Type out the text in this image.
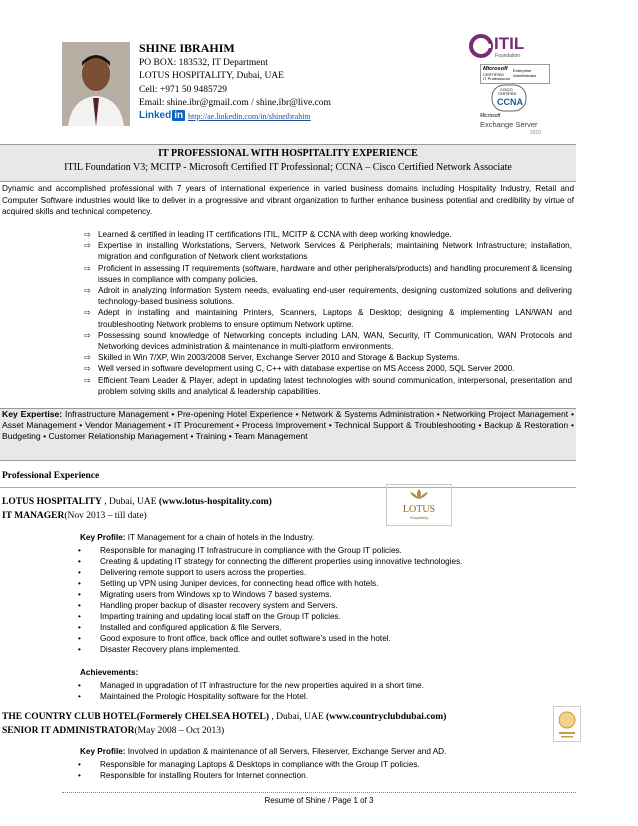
SHINE IBRAHIM
PO BOX: 183532, IT Department
LOTUS HOSPITALITY, Dubai, UAE
Cell: +971 50 9485729
Email: shine.ibr@gmail.com / shine.ibr@live.com
Linked in http://ae.linkedin.com/in/shineibrahim
ITIL
Foundation
Microsoft
CERTIFIED
IT Professional
Enterprise Administrator
CISCO
CERTIFIED
CCNA
Microsoft
Exchange Server
2010
IT PROFESSIONAL WITH HOSPITALITY EXPERIENCE
ITIL Foundation V3; MCITP - Microsoft Certified IT Professional; CCNA – Cisco Certified Network Associate
Dynamic and accomplished professional with 7 years of international experience in varied business domains including Hospitality Industry, Retail and Computer Software industries would like to deliver in a progressive and vibrant organization to further enhance business potential and credibility by virtue of acquired skills and technical competency.
⇨ Learned & certified in leading IT certifications ITIL, MCITP & CCNA with deep working knowledge.
⇨ Expertise in installing Workstations, Servers, Network Services & Peripherals; maintaining Network Infrastructure; installation, migration and configuration of Network client workstations
⇨ Proficient in assessing IT requirements (software, hardware and other peripherals/products) and handling procurement & licensing issues in compliance with company policies.
⇨ Adroit in analyzing Information System needs, evaluating end-user requirements, designing customized solutions and delivering technology-based business solutions.
⇨ Adept in installing and maintaining Printers, Scanners, Laptops & Desktop; designing & implementing LAN/WAN and troubleshooting Network problems to ensure optimum Network uptime.
⇨ Possessing sound knowledge of Networking concepts including LAN, WAN, Security, IT Communication, WAN Protocols and Networking devices administration & maintenance in multi-platform environments.
⇨ Skilled in Win 7/XP, Win 2003/2008 Server, Exchange Server 2010 and Storage & Backup Systems.
⇨ Well versed in software development using C, C++ with database expertise on MS Access 2000, SQL Server 2000.
⇨ Efficient Team Leader & Player, adept in updating latest technologies with sound communication, interpersonal, presentation and problem solving skills and analytical & leadership capabilities.
Key Expertise: Infrastructure Management • Pre-opening Hotel Experience • Network & Systems Administration • Networking Project Management • Asset Management • Vendor Management • IT Procurement • Process Improvement • Technical Support & Troubleshooting • Backup & Restoration • Budgeting • Customer Relationship Management • Training • Team Management
Professional Experience
LOTUS HOSPITALITY , Dubai, UAE (www.lotus-hospitality.com)
IT MANAGER(Nov 2013 – till date)
LOTUS
Hospitality
Key Profile: IT Management for a chain of hotels in the Industry.
• Responsible for managing IT Infrastrucure in compliance with the Group IT policies.
• Creating & updating IT strategy for connecting the different properties using innovative technologies.
• Delivering remote support to users across the properties.
• Setting up VPN using Juniper devices, for connecting head office with hotels.
• Migrating users from Windows xp to Windows 7 based systems.
• Handling proper backup of disaster recovery system and Servers.
• Imparting training and updating local staff on the Group IT policies.
• Installed and configured application & file Servers.
• Good exposure to front office, back office and outlet software’s used in the hotel.
• Disaster Recovery plans implemented.
Achievements:
• Managed in upgradation of IT infrastructure for the new properties aquired in a short time.
• Maintained the Prologic Hospitality software for the Hotel.
THE COUNTRY CLUB HOTEL(Formerely CHELSEA HOTEL) , Dubai, UAE (www.countryclubdubai.com)
SENIOR IT ADMINISTRATOR(May 2008 – Oct 2013)
Key Profile: Involved in updation & maintenance of all Servers, Fileserver, Exchange Server and AD.
• Responsible for managing Laptops & Desktops in compliance with the Group IT policies.
• Responsible for installing Routers for Internet connection.
Resume of Shine / Page 1 of 3
